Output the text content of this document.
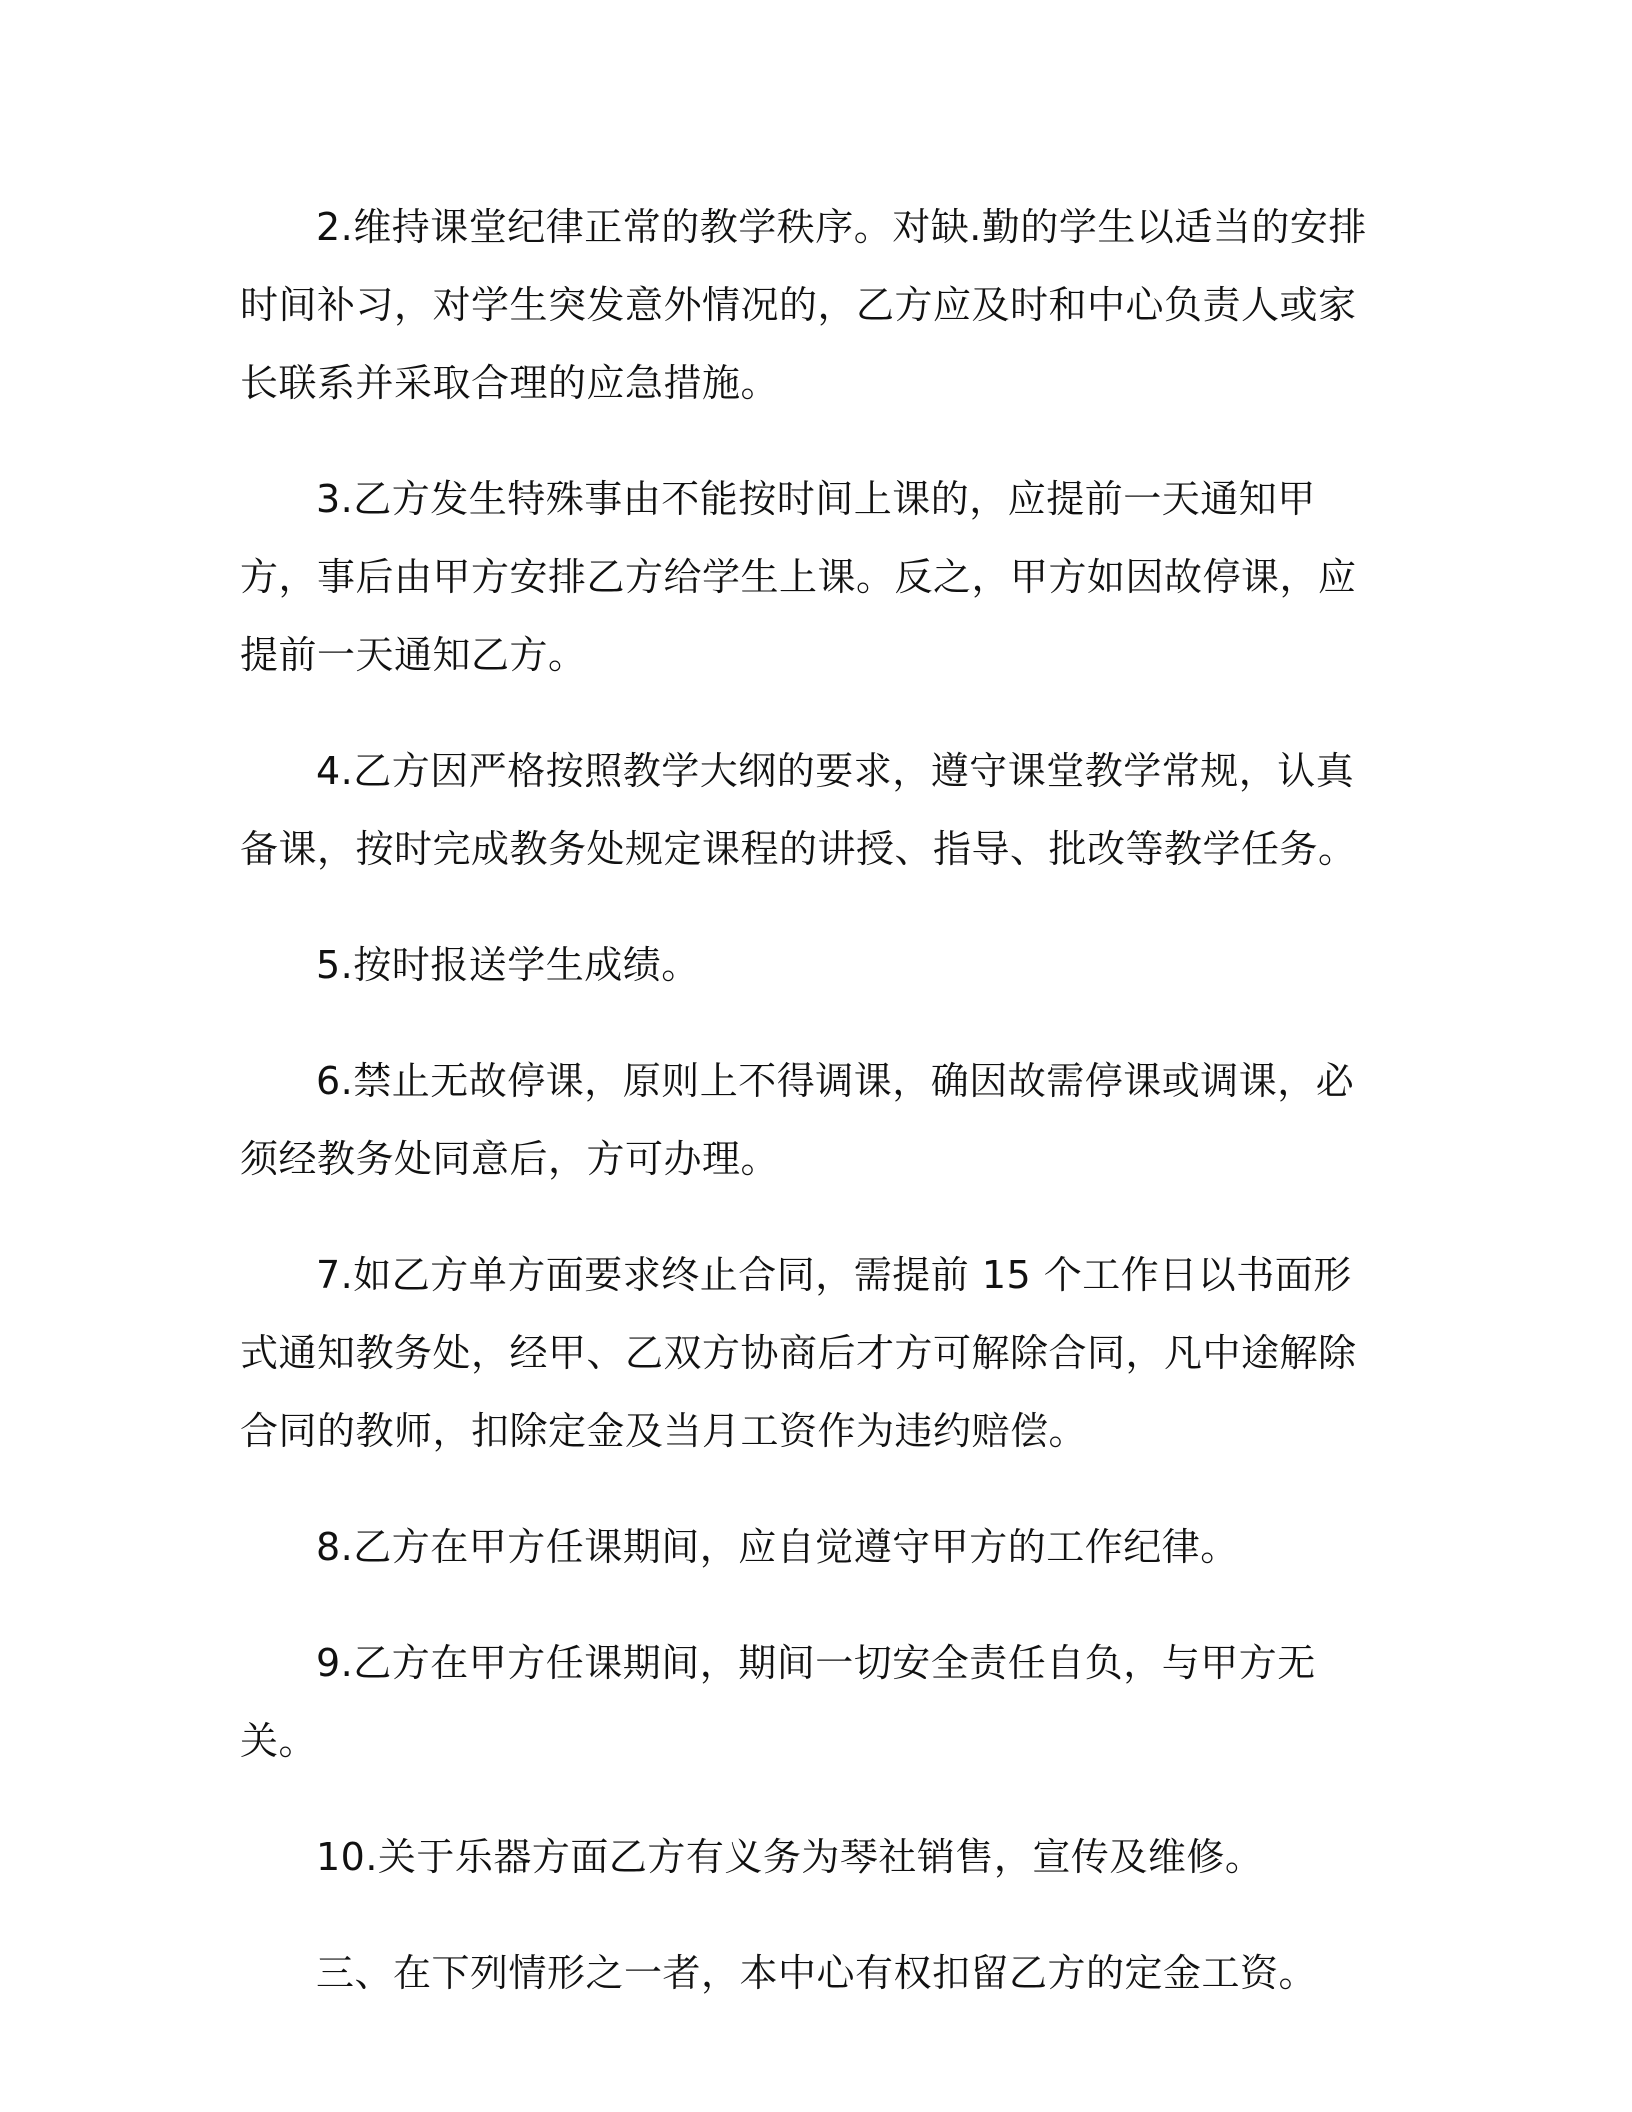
2.维持课堂纪律正常的教学秩序。对缺.勤的学生以适当的安排时间补习，对学生突发意外情况的，乙方应及时和中心负责人或家长联系并采取合理的应急措施。

3.乙方发生特殊事由不能按时间上课的，应提前一天通知甲方，事后由甲方安排乙方给学生上课。反之，甲方如因故停课，应提前一天通知乙方。

4.乙方因严格按照教学大纲的要求，遵守课堂教学常规，认真备课，按时完成教务处规定课程的讲授、指导、批改等教学任务。

5.按时报送学生成绩。

6.禁止无故停课，原则上不得调课，确因故需停课或调课，必须经教务处同意后，方可办理。

7.如乙方单方面要求终止合同，需提前 15 个工作日以书面形式通知教务处，经甲、乙双方协商后才方可解除合同，凡中途解除合同的教师，扣除定金及当月工资作为违约赔偿。

8.乙方在甲方任课期间，应自觉遵守甲方的工作纪律。

9.乙方在甲方任课期间，期间一切安全责任自负，与甲方无关。

10.关于乐器方面乙方有义务为琴社销售，宣传及维修。

三、在下列情形之一者，本中心有权扣留乙方的定金工资。
